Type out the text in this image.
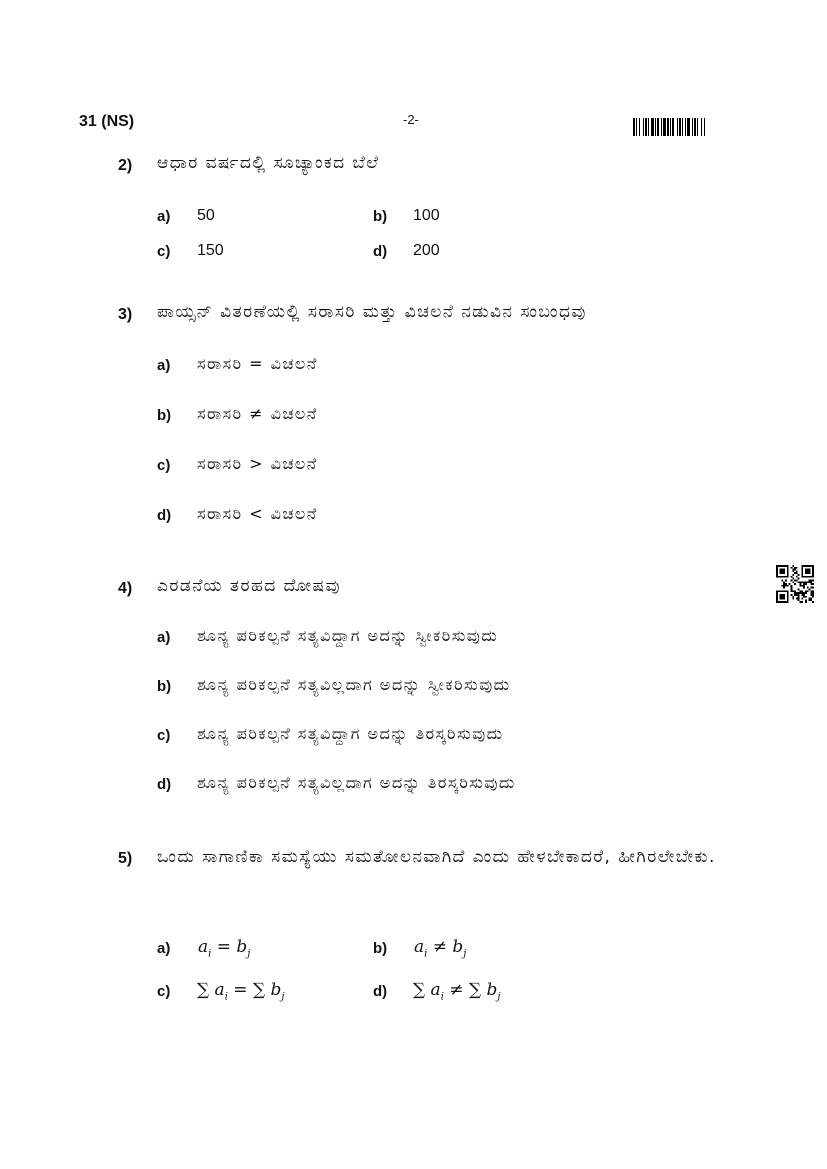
31 (NS)	-2-
2) ಆಧಾರ ವರ್ಷದಲ್ಲಿ ಸೂಚ್ಯಾಂಕದ ಬೆಲೆ
a) 50	b) 100
c) 150	d) 200
3) ಪಾಯ್ಸನ್ ವಿತರಣೆಯಲ್ಲಿ ಸರಾಸರಿ ಮತ್ತು ವಿಚಲನೆ ನಡುವಿನ ಸಂಬಂಧವು
a) ಸರಾಸರಿ = ವಿಚಲನೆ
b) ಸರಾಸರಿ ≠ ವಿಚಲನೆ
c) ಸರಾಸರಿ > ವಿಚಲನೆ
d) ಸರಾಸರಿ < ವಿಚಲನೆ
4) ಎರಡನೆಯ ತರಹದ ದೋಷವು
a) ಶೂನ್ಯ ಪರಿಕಲ್ಪನೆ ಸತ್ಯವಿದ್ದಾಗ ಅದನ್ನು ಸ್ವೀಕರಿಸುವುದು
b) ಶೂನ್ಯ ಪರಿಕಲ್ಪನೆ ಸತ್ಯವಿಲ್ಲದಾಗ ಅದನ್ನು ಸ್ವೀಕರಿಸುವುದು
c) ಶೂನ್ಯ ಪರಿಕಲ್ಪನೆ ಸತ್ಯವಿದ್ದಾಗ ಅದನ್ನು ತಿರಸ್ಕರಿಸುವುದು
d) ಶೂನ್ಯ ಪರಿಕಲ್ಪನೆ ಸತ್ಯವಿಲ್ಲದಾಗ ಅದನ್ನು ತಿರಸ್ಕರಿಸುವುದು
5) ಒಂದು ಸಾಗಾಣಿಕಾ ಸಮಸ್ಯೆಯು ಸಮತೋಲನವಾಗಿದೆ ಎಂದು ಹೇಳಬೇಕಾದರೆ, ಹೀಗಿರಲೇಬೇಕು.
a) $a_i = b_j$	b) $a_i \ne b_j$
c) ∑ $a_i$ = ∑ $b_j$	d) ∑ $a_i$ ≠ ∑ $b_j$
